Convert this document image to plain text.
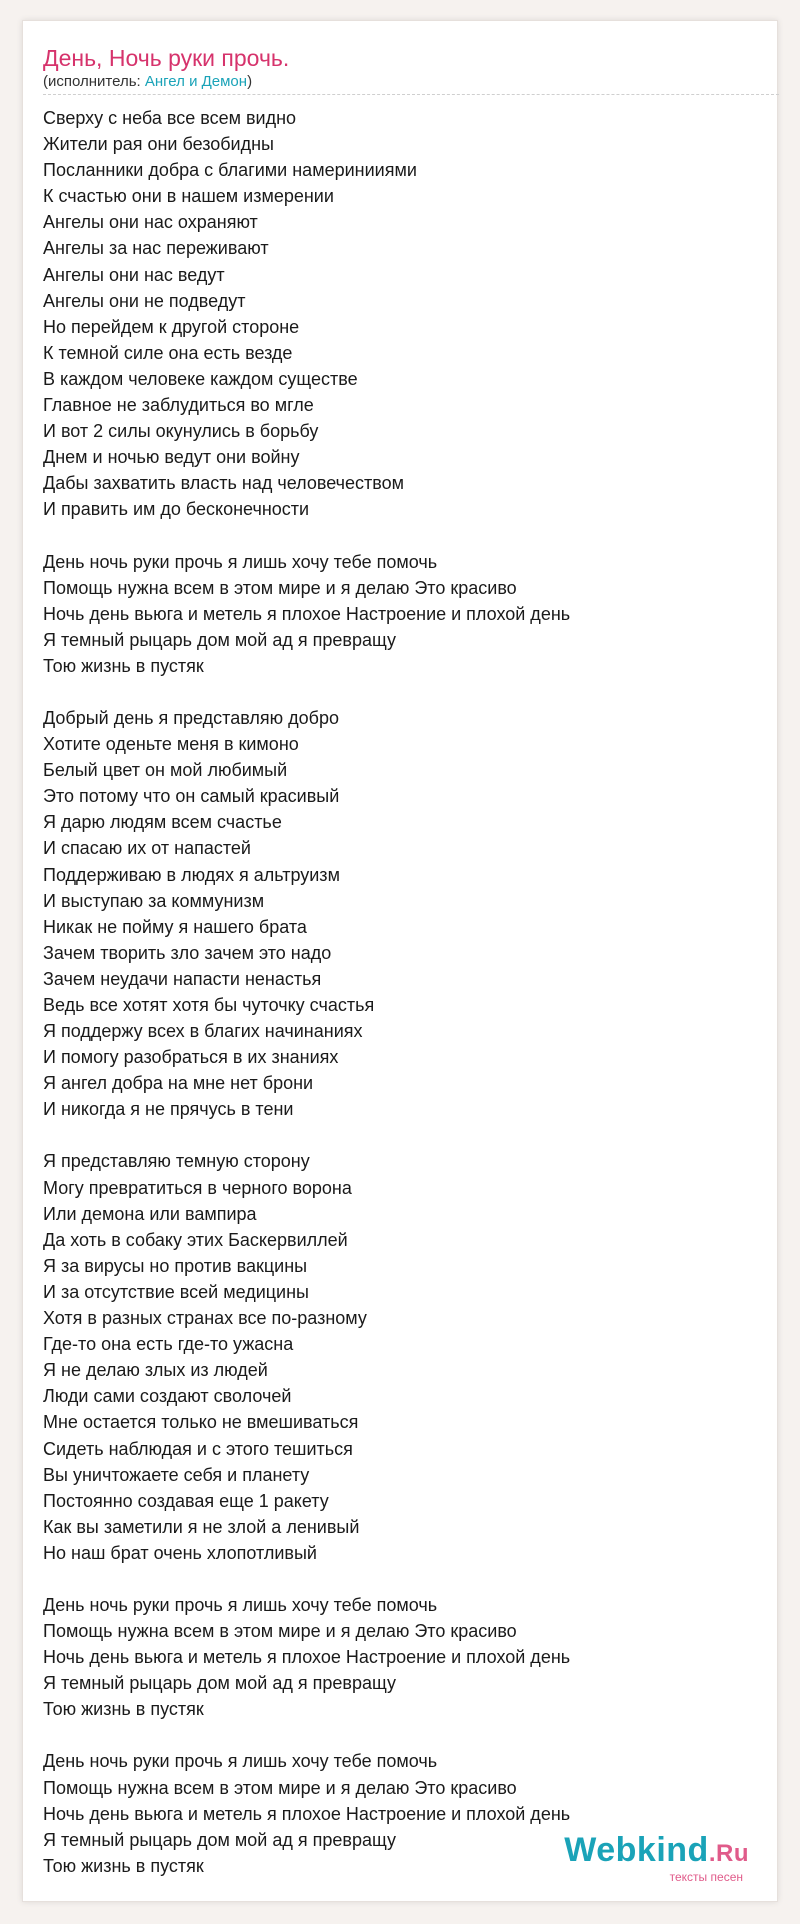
День, Ночь руки прочь.
(исполнитель: Ангел и Демон)
Сверху с неба все всем видно
Жители рая они безобидны
Посланники добра с благими намеринииями
К счастью они в нашем измерении
Ангелы они нас охраняют
Ангелы за нас переживают
Ангелы они нас ведут
Ангелы они не подведут
Но перейдем к другой стороне
К темной силе она есть везде
В каждом человеке каждом существе
Главное не заблудиться во мгле
И вот 2 силы окунулись в борьбу
Днем и ночью ведут они войну
Дабы захватить власть над человечеством
И править им до бесконечности
День ночь руки прочь я лишь хочу тебе помочь
Помощь нужна всем в этом мире и я делаю Это красиво
Ночь день вьюга и метель я плохое Настроение и плохой день
Я темный рыцарь дом мой ад я превращу
Тою жизнь в пустяк
Добрый день я представляю добро
Хотите оденьте меня в кимоно
Белый цвет он мой любимый
Это потому что он самый красивый
Я дарю людям всем счастье
И спасаю их от напастей
Поддерживаю в людях я альтруизм
И выступаю за коммунизм
Никак не пойму я нашего брата
Зачем творить зло зачем это надо
Зачем неудачи напасти ненастья
Ведь все хотят хотя бы чуточку счастья
Я поддержу всех в благих начинаниях
И помогу разобраться в их знаниях
Я ангел добра на мне нет брони
И никогда я не прячусь в тени
Я представляю темную сторону
Могу превратиться в черного ворона
Или демона или вампира
Да хоть в собаку этих Баскервиллей
Я за вирусы но против вакцины
И за отсутствие всей медицины
Хотя в разных странах все по-разному
Где-то она есть где-то ужасна
Я не делаю злых из людей
Люди сами создают сволочей
Мне остается только не вмешиваться
Сидеть наблюдая и с этого тешиться
Вы уничтожаете себя и планету
Постоянно создавая еще 1 ракету
Как вы заметили я не злой а ленивый
Но наш брат очень хлопотливый
День ночь руки прочь я лишь хочу тебе помочь
Помощь нужна всем в этом мире и я делаю Это красиво
Ночь день вьюга и метель я плохое Настроение и плохой день
Я темный рыцарь дом мой ад я превращу
Тою жизнь в пустяк
День ночь руки прочь я лишь хочу тебе помочь
Помощь нужна всем в этом мире и я делаю Это красиво
Ночь день вьюга и метель я плохое Настроение и плохой день
Я темный рыцарь дом мой ад я превращу
Тою жизнь в пустяк	Webkind.Ru
тексты песен
